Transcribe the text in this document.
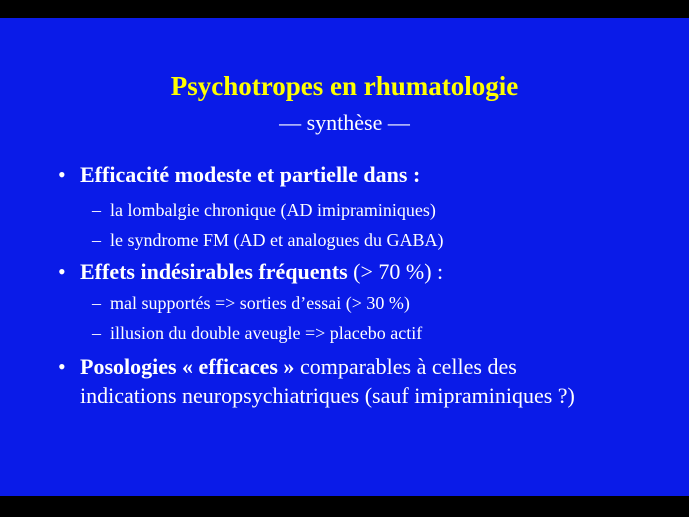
Psychotropes en rhumatologie
— synthèse —
• Efficacité modeste et partielle dans :
– la lombalgie chronique (AD imipraminiques)
– le syndrome FM (AD et analogues du GABA)
• Effets indésirables fréquents (> 70 %) :
– mal supportés => sorties d’essai (> 30 %)
– illusion du double aveugle => placebo actif
• Posologies « efficaces » comparables à celles des
indications neuropsychiatriques (sauf imipraminiques ?)
